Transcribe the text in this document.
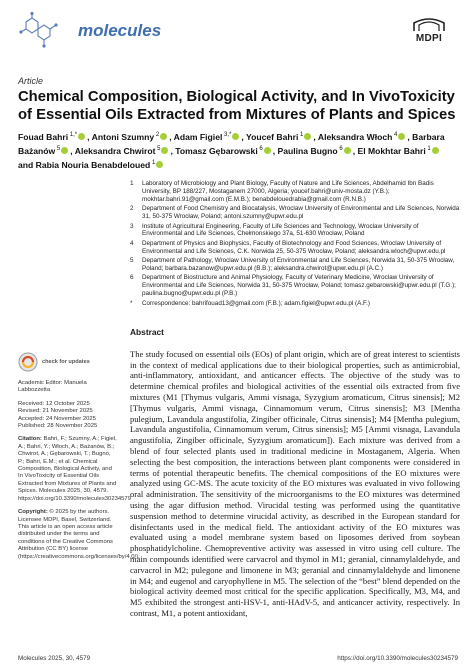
molecules	MDPI
Article
Chemical Composition, Biological Activity, and In VivoToxicity of Essential Oils Extracted from Mixtures of Plants and Spices
Fouad Bahri $^{1,*}$ , Antoni Szumny $^2$ , Adam Figiel $^{3,*}$ , Youcef Bahri $^1$ , Aleksandra Włoch $^4$ , Barbara Bażanów $^5$ , Aleksandra Chwirot $^5$ , Tomasz Gębarowski $^6$ , Paulina Bugno $^6$ , El Mokhtar Bahri $^1$ and Rabia Nouria Benabdeloued $^1$
1	Laboratory of Microbiology and Plant Biology, Faculty of Nature and Life Sciences, Abdelhamid Ibn Badis University, BP 188/227, Mostaganem 27000, Algeria; youcef.bahri@univ-mosta.dz (Y.B.); mokhtar.bahri.91@gmail.com (E.M.B.); benabdelouedrabia@gmail.com (R.N.B.)
2	Department of Food Chemistry and Biocatalysis, Wroclaw University of Environmental and Life Sciences, Norwida 31, 50-375 Wrocław, Poland; antoni.szumny@upwr.edu.pl
3	Institute of Agricultural Engineering, Faculty of Life Sciences and Technology, Wroclaw University of Environmental and Life Sciences, Chełmonskiego 37a, 51-630 Wrocław, Poland
4	Department of Physics and Biophysics, Faculty of Biotechnology and Food Sciences, Wroclaw University of Environmental and Life Sciences, C.K. Norwida 25, 50-375 Wrocław, Poland; aleksandra.wloch@upwr.edu.pl
5	Department of Pathology, Wroclaw University of Environmental and Life Sciences, Norwida 31, 50-375 Wrocław, Poland; barbara.bazanow@upwr.edu.pl (B.B.); aleksandra.chwirot@upwr.edu.pl (A.C.)
6	Department of Biostructure and Animal Physiology, Faculty of Veterinary Medicine, Wroclaw University of Environmental and Life Sciences, Norwida 31, 50-375 Wrocław, Poland; tomasz.gebarowski@upwr.edu.pl (T.G.); paulina.bugno@upwr.edu.pl (P.B.)
*	Correspondence: bahrifouad13@gmail.com (F.B.); adam.figiel@upwr.edu.pl (A.F.)
check for updates
Academic Editor: Manuela
Labbozzetta
Received: 12 October 2025
Revised: 21 November 2025
Accepted: 24 November 2025
Published: 28 November 2025
Citation: Bahri, F.; Szumny, A.; Figiel, A.; Bahri, Y.; Włoch, A.; Bażanów, B.; Chwirot, A.; Gębarowski, T.; Bugno, P.; Bahri, E.M.; et al. Chemical Composition, Biological Activity, and In VivoToxicity of Essential Oils Extracted from Mixtures of Plants and Spices. Molecules 2025, 30, 4579. https://doi.org/10.3390/molecules30234579
Copyright: © 2025 by the authors. Licensee MDPI, Basel, Switzerland. This article is an open access article distributed under the terms and conditions of the Creative Commons Attribution (CC BY) license (https://creativecommons.org/licenses/by/4.0/).
Abstract
The study focused on essential oils (EOs) of plant origin, which are of great interest to scientists in the context of medical applications due to their biological properties, such as antimicrobial, anti-inflammatory, antioxidant, and anticancer effects. The objective of the study was to determine chemical profiles and biological activities of the essential oils extracted from five mixtures (M1 [Thymus vulgaris, Ammi visnaga, Syzygium aromaticum, Citrus sinensis]; M2 [Thymus vulgaris, Ammi visnaga, Cinnamomum verum, Citrus sinensis]; M3 [Mentha pulegium, Lavandula angustifolia, Zingiber officinale, Citrus sinensis]; M4 [Mentha pulegium, Lavandula angustifolia, Cinnamomum verum, Citrus sinensis]; M5 [Ammi visnaga, Lavandula angustifolia, Zingiber officinale, Syzygium aromaticum]). Each mixture was derived from a blend of four selected plants used in traditional medicine in Mostaganem, Algeria. When selecting the best composition, the interactions between plant components were considered in terms of potential therapeutic benefits. The chemical compositions of the EO mixtures were analyzed using GC-MS. The acute toxicity of the EO mixtures was evaluated in vivo following oral administration. The sensitivity of the microorganisms to the EO mixtures was determined using the agar diffusion method. Virucidal testing was performed using the quantitative suspension method to determine virucidal activity, as described in the European standard for disinfectants used in the medical field. The antioxidant activity of the EO mixtures was evaluated using a model membrane system based on liposomes derived from soybean phosphatidylcholine. Chemopreventive activity was assessed in vitro using cell culture. The main compounds identified were carvacrol and thymol in M1; geranial, cinnamylaldehyde, and carvacrol in M2; pulegone and limonene in M3; geranial and cinnamylaldehyde and limonene in M4; and eugenol and caryophyllene in M5. The selection of the “best” blend depended on the biological activity deemed most critical for the specific application. Specifically, M3, M4, and M5 exhibited the strongest anti-HSV-1, anti-HAdV-5, and anticancer activity, respectively. In contrast, M1, a potent antioxidant,
Molecules 2025, 30, 4579	https://doi.org/10.3390/molecules30234579
